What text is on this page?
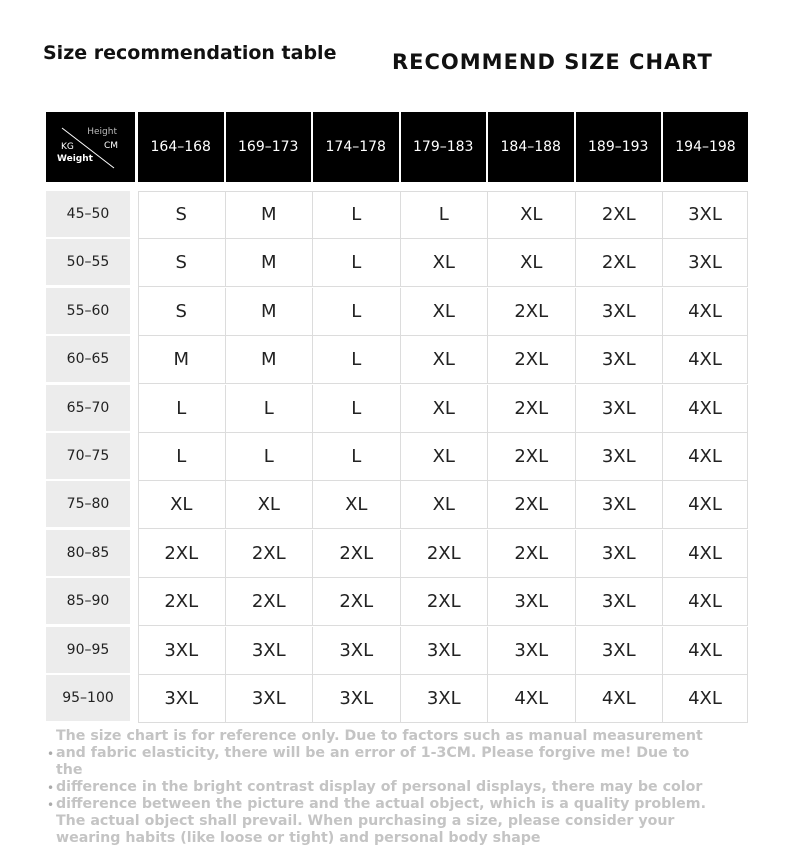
Size recommendation table	RECOMMEND SIZE CHART
Height
CM
KG
Weight
164–168	169–173	174–178	179–183	184–188	189–193	194–198
45–50	S	M	L	L	XL	2XL	3XL
50–55	S	M	L	XL	XL	2XL	3XL
55–60	S	M	L	XL	2XL	3XL	4XL
60–65	M	M	L	XL	2XL	3XL	4XL
65–70	L	L	L	XL	2XL	3XL	4XL
70–75	L	L	L	XL	2XL	3XL	4XL
75–80	XL	XL	XL	XL	2XL	3XL	4XL
80–85	2XL	2XL	2XL	2XL	2XL	3XL	4XL
85–90	2XL	2XL	2XL	2XL	3XL	3XL	4XL
90–95	3XL	3XL	3XL	3XL	3XL	3XL	4XL
95–100	3XL	3XL	3XL	3XL	4XL	4XL	4XL
The size chart is for reference only. Due to factors such as manual measurement
and fabric elasticity, there will be an error of 1-3CM. Please forgive me! Due to the
difference in the bright contrast display of personal displays, there may be color
difference between the picture and the actual object, which is a quality problem.
The actual object shall prevail. When purchasing a size, please consider your
wearing habits (like loose or tight) and personal body shape
•
•
•
